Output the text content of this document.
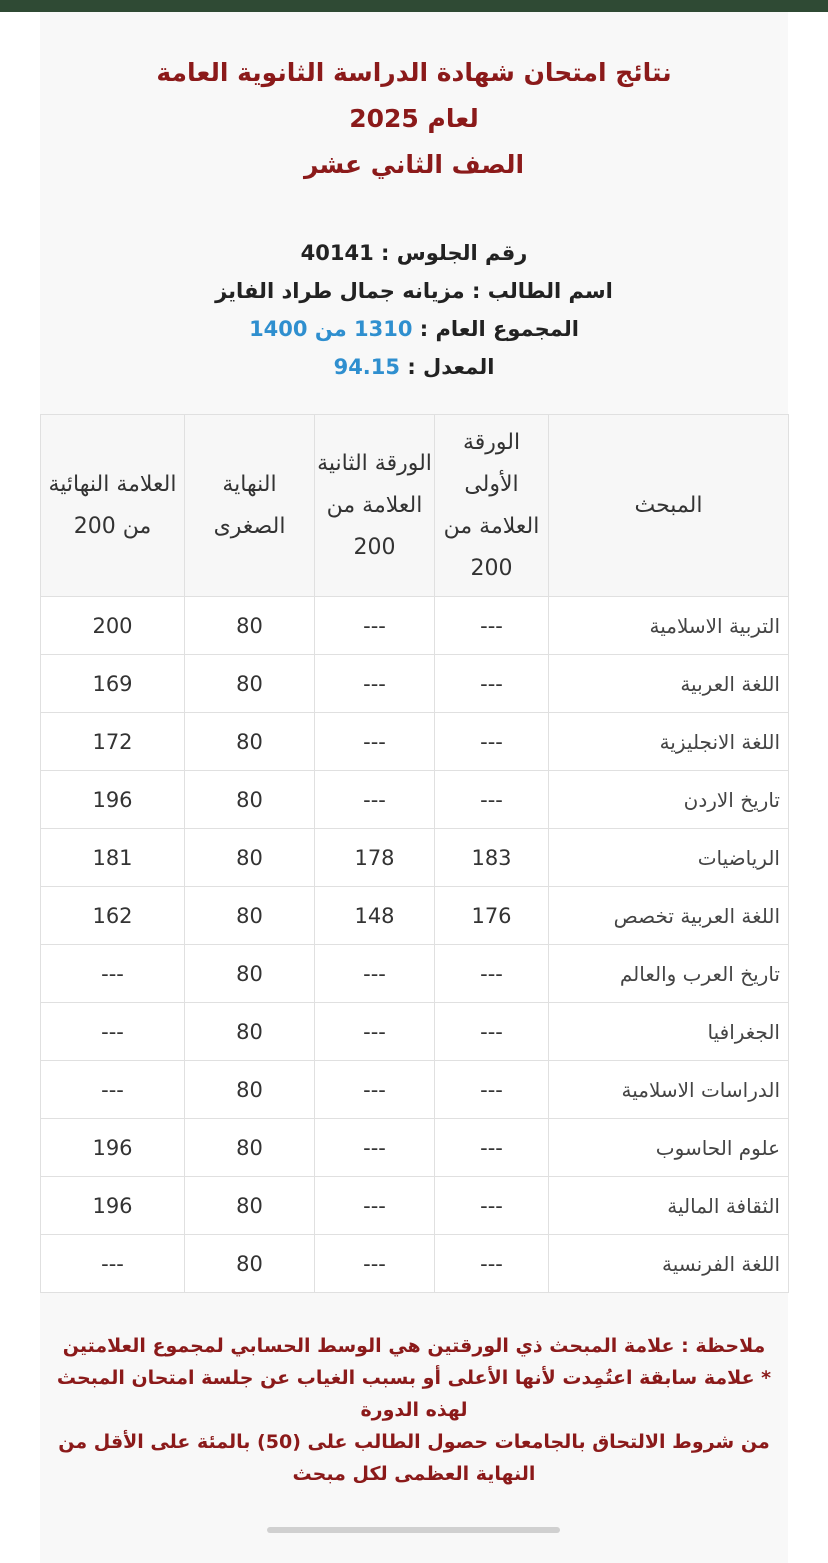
نتائج امتحان شهادة الدراسة الثانوية العامة
لعام 2025
الصف الثاني عشر
رقم الجلوس : 40141
اسم الطالب : مزيانه جمال طراد الفايز
المجموع العام : 1310 من 1400
المعدل : 94.15
المبحث	الورقة الأولى العلامة من 200	الورقة الثانية العلامة من 200	النهاية الصغرى	العلامة النهائية من 200
التربية الاسلامية	---	---	80	200
اللغة العربية	---	---	80	169
اللغة الانجليزية	---	---	80	172
تاريخ الاردن	---	---	80	196
الرياضيات	183	178	80	181
اللغة العربية تخصص	176	148	80	162
تاريخ العرب والعالم	---	---	80	---
الجغرافيا	---	---	80	---
الدراسات الاسلامية	---	---	80	---
علوم الحاسوب	---	---	80	196
الثقافة المالية	---	---	80	196
اللغة الفرنسية	---	---	80	---

ملاحظة : علامة المبحث ذي الورقتين هي الوسط الحسابي لمجموع العلامتين

* علامة سابقة اعتُمِدت لأنها الأعلى أو بسبب الغياب عن جلسة امتحان المبحث لهذه الدورة

من شروط الالتحاق بالجامعات حصول الطالب على (50) بالمئة على الأقل من النهاية العظمى لكل مبحث
